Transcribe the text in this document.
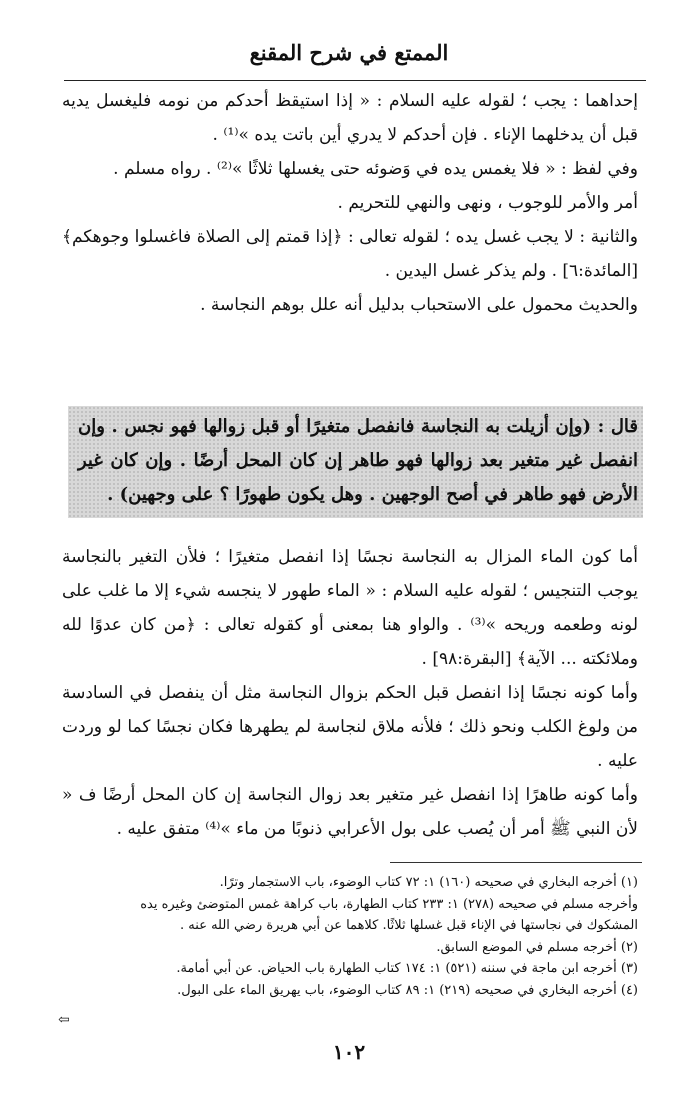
الممتع في شرح المقنع

إحداهما : يجب ؛ لقوله عليه السلام : « إذا استيقظ أحدكم من نومه فليغسل يديه قبل أن يدخلهما الإناء . فإن أحدكم لا يدري أين باتت يده »⁽¹⁾ .

وفي لفظ : « فلا يغمس يده في وَضوئه حتى يغسلها ثلاثًا »⁽²⁾ . رواه مسلم .

أمر والأمر للوجوب ، ونهى والنهي للتحريم .

والثانية : لا يجب غسل يده ؛ لقوله تعالى : ﴿إذا قمتم إلى الصلاة فاغسلوا وجوهكم﴾ [المائدة:٦] . ولم يذكر غسل اليدين .

والحديث محمول على الاستحباب بدليل أنه علل بوهم النجاسة .

قال : (وإن أزيلت به النجاسة فانفصل متغيرًا أو قبل زوالها فهو نجس . وإن انفصل غير متغير بعد زوالها فهو طاهر إن كان المحل أرضًا . وإن كان غير الأرض فهو طاهر في أصح الوجهين . وهل يكون طهورًا ؟ على وجهين) .

أما كون الماء المزال به النجاسة نجسًا إذا انفصل متغيرًا ؛ فلأن التغير بالنجاسة يوجب التنجيس ؛ لقوله عليه السلام : « الماء طهور لا ينجسه شيء إلا ما غلب على لونه وطعمه وريحه »⁽³⁾ . والواو هنا بمعنى أو كقوله تعالى : ﴿من كان عدوًا لله وملائكته ... الآية﴾ [البقرة:٩٨] .

وأما كونه نجسًا إذا انفصل قبل الحكم بزوال النجاسة مثل أن ينفصل في السادسة من ولوغ الكلب ونحو ذلك ؛ فلأنه ملاق لنجاسة لم يطهرها فكان نجسًا كما لو وردت عليه .

وأما كونه طاهرًا إذا انفصل غير متغير بعد زوال النجاسة إن كان المحل أرضًا ف « لأن النبي ﷺ أمر أن يُصب على بول الأعرابي ذنوبًا من ماء »⁽⁴⁾ متفق عليه .

(١) أخرجه البخاري في صحيحه (١٦٠) ١: ٧٢ كتاب الوضوء، باب الاستجمار وترًا.

وأخرجه مسلم في صحيحه (٢٧٨) ١: ٢٣٣ كتاب الطهارة، باب كراهة غمس المتوضئ وغيره يده

المشكوك في نجاستها في الإناء قبل غسلها ثلاثًا. كلاهما عن أبي هريرة رضي الله عنه .

(٢) أخرجه مسلم في الموضع السابق.

(٣) أخرجه ابن ماجة في سننه (٥٢١) ١: ١٧٤ كتاب الطهارة باب الحياض. عن أبي أمامة.

(٤) أخرجه البخاري في صحيحه (٢١٩) ١: ٨٩ كتاب الوضوء، باب يهريق الماء على البول.

⇦
١٠٢
